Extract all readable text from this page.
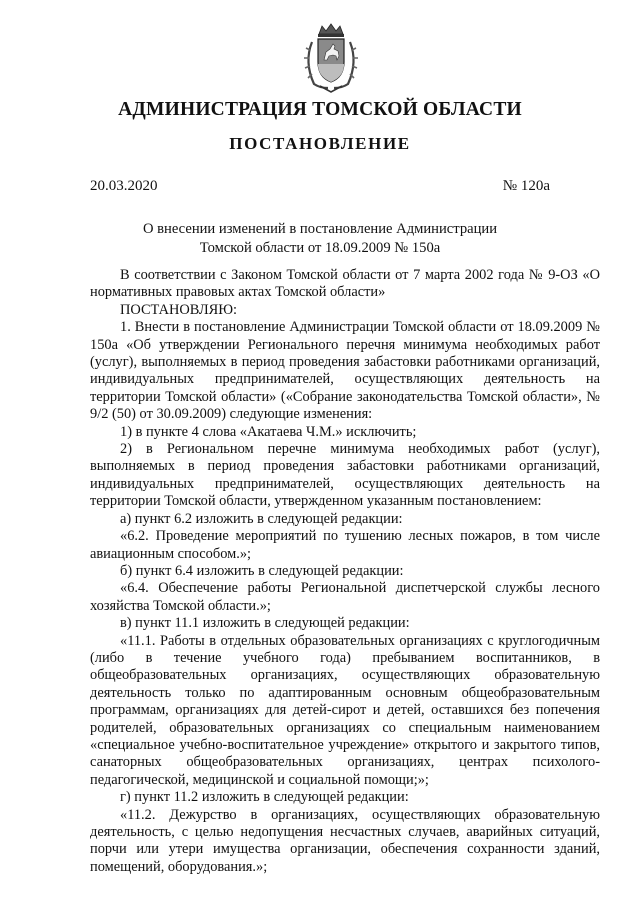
АДМИНИСТРАЦИЯ ТОМСКОЙ ОБЛАСТИ
ПОСТАНОВЛЕНИЕ
20.03.2020	№ 120а
О внесении изменений в постановление Администрации
Томской области от 18.09.2009 № 150а

В соответствии с Законом Томской области от 7 марта 2002 года № 9-ОЗ «О нормативных правовых актах Томской области»

ПОСТАНОВЛЯЮ:

1. Внести в постановление Администрации Томской области от 18.09.2009 № 150а «Об утверждении Регионального перечня минимума необходимых работ (услуг), выполняемых в период проведения забастовки работниками организаций, индивидуальных предпринимателей, осуществляющих деятельность на территории Томской области» («Собрание законодательства Томской области», № 9/2 (50) от 30.09.2009) следующие изменения:

1) в пункте 4 слова «Акатаева Ч.М.» исключить;

2) в Региональном перечне минимума необходимых работ (услуг), выполняемых в период проведения забастовки работниками организаций, индивидуальных предпринимателей, осуществляющих деятельность на территории Томской области, утвержденном указанным постановлением:

а) пункт 6.2 изложить в следующей редакции:

«6.2. Проведение мероприятий по тушению лесных пожаров, в том числе авиационным способом.»;

б) пункт 6.4 изложить в следующей редакции:

«6.4. Обеспечение работы Региональной диспетчерской службы лесного хозяйства Томской области.»;

в) пункт 11.1 изложить в следующей редакции:

«11.1. Работы в отдельных образовательных организациях с круглогодичным (либо в течение учебного года) пребыванием воспитанников, в общеобразовательных организациях, осуществляющих образовательную деятельность только по адаптированным основным общеобразовательным программам, организациях для детей-сирот и детей, оставшихся без попечения родителей, образовательных организациях со специальным наименованием «специальное учебно-воспитательное учреждение» открытого и закрытого типов, санаторных общеобразовательных организациях, центрах психолого-педагогической, медицинской и социальной помощи;»;

г) пункт 11.2 изложить в следующей редакции:

«11.2. Дежурство в организациях, осуществляющих образовательную деятельность, с целью недопущения несчастных случаев, аварийных ситуаций, порчи или утери имущества организации, обеспечения сохранности зданий, помещений, оборудования.»;
